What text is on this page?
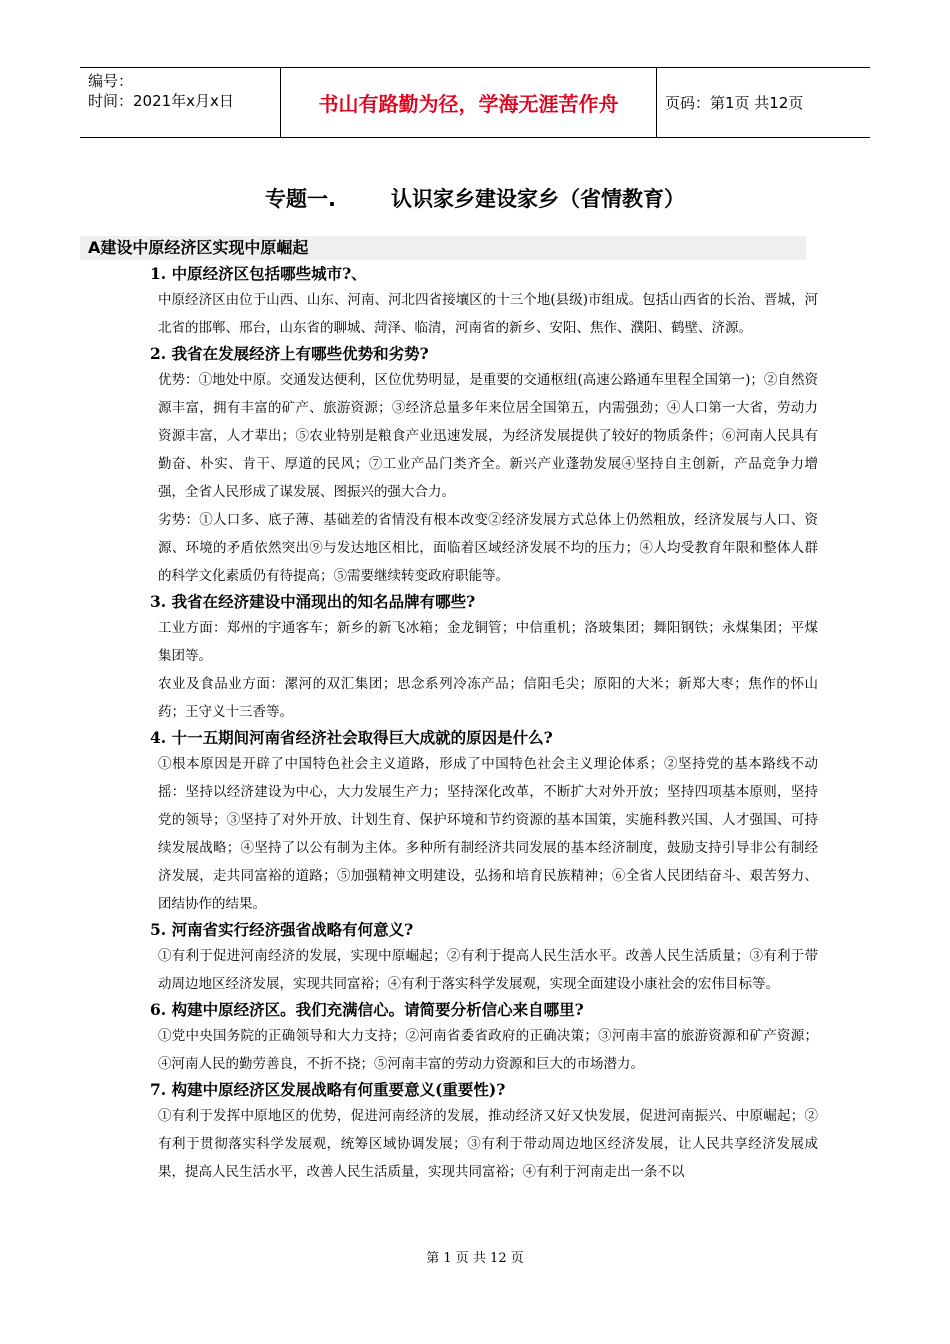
编号：
时间：2021年x月x日	书山有路勤为径，学海无涯苦作舟	页码：第1页 共12页
专题一.	认识家乡建设家乡（省情教育）
A建设中原经济区实现中原崛起

1. 中原经济区包括哪些城市?、

中原经济区由位于山西、山东、河南、河北四省接壤区的十三个地(县级)市组成。包括山西省的长治、晋城，河北省的邯郸、邢台，山东省的聊城、菏泽、临清，河南省的新乡、安阳、焦作、濮阳、鹤壁、济源。

2. 我省在发展经济上有哪些优势和劣势?

优势：①地处中原。交通发达便利，区位优势明显，是重要的交通枢纽(高速公路通车里程全国第一)；②自然资源丰富，拥有丰富的矿产、旅游资源；③经济总量多年来位居全国第五，内需强劲；④人口第一大省，劳动力资源丰富，人才辈出；⑤农业特别是粮食产业迅速发展，为经济发展提供了较好的物质条件；⑥河南人民具有勤奋、朴实、肯干、厚道的民风；⑦工业产品门类齐全。新兴产业蓬勃发展④坚持自主创新，产品竞争力增强，全省人民形成了谋发展、图振兴的强大合力。

劣势：①人口多、底子薄、基础差的省情没有根本改变②经济发展方式总体上仍然粗放，经济发展与人口、资源、环境的矛盾依然突出⑨与发达地区相比，面临着区域经济发展不均的压力；④人均受教育年限和整体人群的科学文化素质仍有待提高；⑤需要继续转变政府职能等。

3. 我省在经济建设中涌现出的知名品牌有哪些?

工业方面：郑州的宇通客车；新乡的新飞冰箱；金龙铜管；中信重机；洛玻集团；舞阳钢铁；永煤集团；平煤集团等。

农业及食品业方面：漯河的双汇集团；思念系列冷冻产品；信阳毛尖；原阳的大米；新郑大枣；焦作的怀山药；王守义十三香等。

4. 十一五期间河南省经济社会取得巨大成就的原因是什么?

①根本原因是开辟了中国特色社会主义道路，形成了中国特色社会主义理论体系；②坚持党的基本路线不动摇：坚持以经济建设为中心，大力发展生产力；坚持深化改革，不断扩大对外开放；坚持四项基本原则，坚持党的领导；③坚持了对外开放、计划生育、保护环境和节约资源的基本国策，实施科教兴国、人才强国、可持续发展战略；④坚持了以公有制为主体。多种所有制经济共同发展的基本经济制度，鼓励支持引导非公有制经济发展，走共同富裕的道路；⑤加强精神文明建设，弘扬和培育民族精神；⑥全省人民团结奋斗、艰苦努力、团结协作的结果。

5. 河南省实行经济强省战略有何意义?

①有利于促进河南经济的发展，实现中原崛起；②有利于提高人民生活水平。改善人民生活质量；③有利于带动周边地区经济发展，实现共同富裕；④有利于落实科学发展观，实现全面建设小康社会的宏伟目标等。

6. 构建中原经济区。我们充满信心。请简要分析信心来自哪里?

①党中央国务院的正确领导和大力支持；②河南省委省政府的正确决策；③河南丰富的旅游资源和矿产资源；④河南人民的勤劳善良，不折不挠；⑤河南丰富的劳动力资源和巨大的市场潜力。

7. 构建中原经济区发展战略有何重要意义(重要性)?

①有利于发挥中原地区的优势，促进河南经济的发展，推动经济又好又快发展，促进河南振兴、中原崛起；②有利于贯彻落实科学发展观，统筹区域协调发展；③有利于带动周边地区经济发展，让人民共享经济发展成果，提高人民生活水平，改善人民生活质量，实现共同富裕；④有利于河南走出一条不以

第 1 页 共 12 页
